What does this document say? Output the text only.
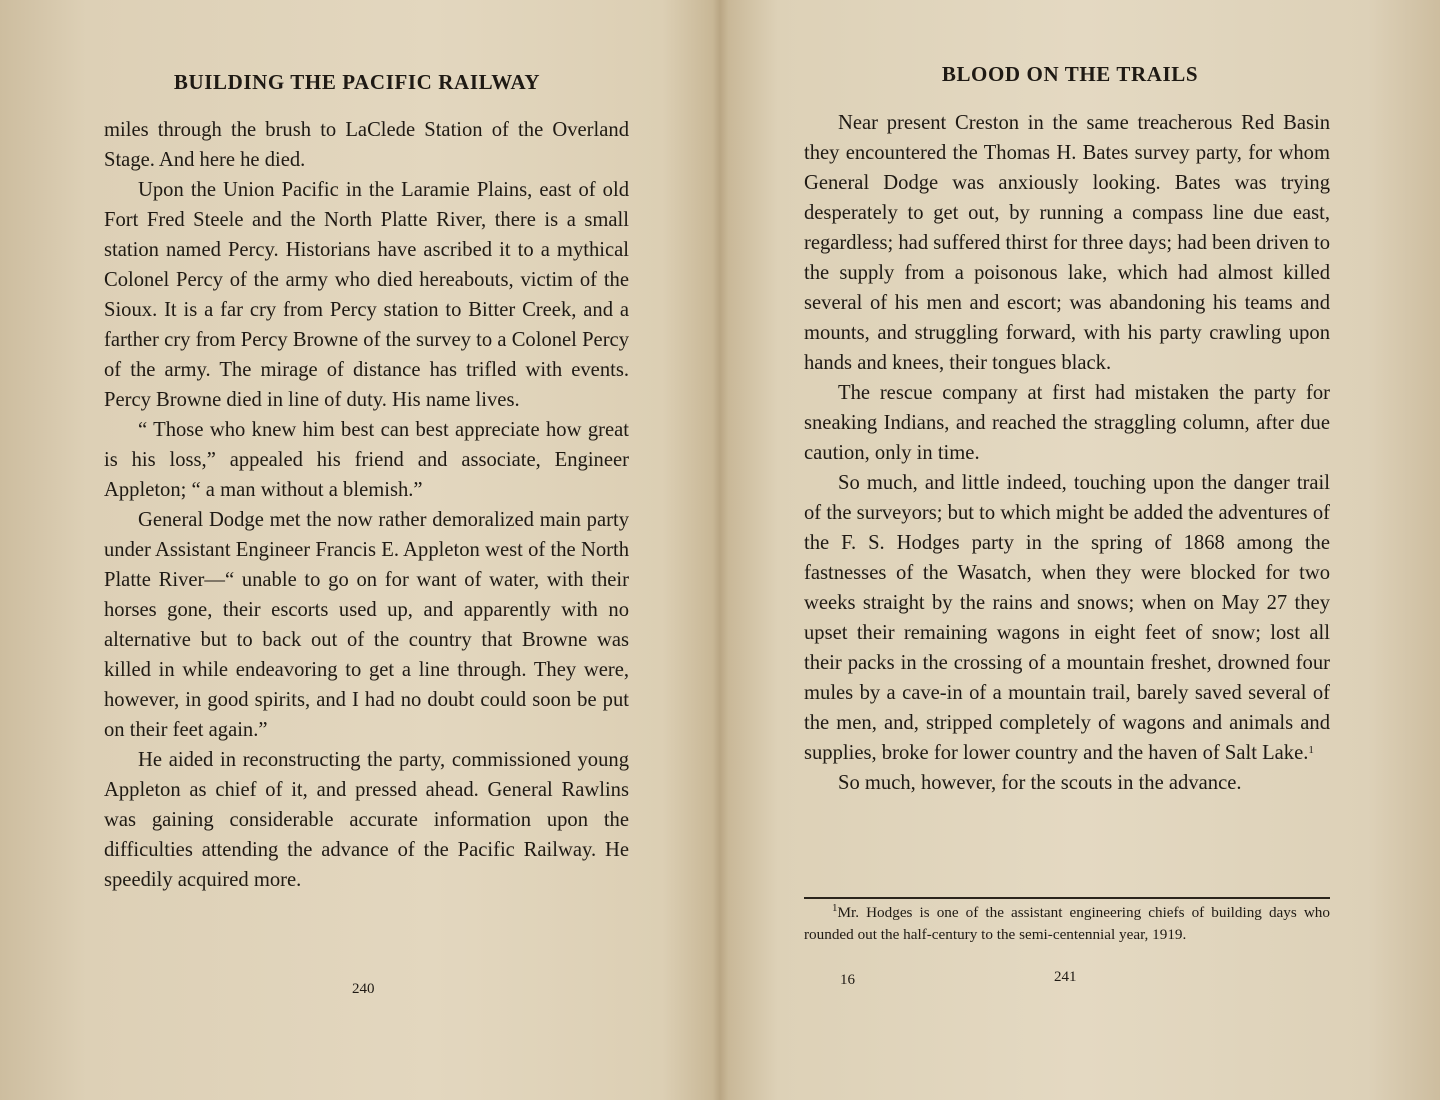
BUILDING THE PACIFIC RAILWAY

miles through the brush to LaClede Station of the Overland Stage. And here he died.

Upon the Union Pacific in the Laramie Plains, east of old Fort Fred Steele and the North Platte River, there is a small station named Percy. Historians have ascribed it to a mythical Colonel Percy of the army who died hereabouts, victim of the Sioux. It is a far cry from Percy station to Bitter Creek, and a farther cry from Percy Browne of the survey to a Colonel Percy of the army. The mirage of distance has trifled with events. Percy Browne died in line of duty. His name lives.

“ Those who knew him best can best appreciate how great is his loss,” appealed his friend and associate, Engineer Appleton; “ a man without a blemish.”

General Dodge met the now rather demoralized main party under Assistant Engineer Francis E. Appleton west of the North Platte River—“ unable to go on for want of water, with their horses gone, their escorts used up, and apparently with no alternative but to back out of the country that Browne was killed in while endeavoring to get a line through. They were, however, in good spirits, and I had no doubt could soon be put on their feet again.”

He aided in reconstructing the party, commissioned young Appleton as chief of it, and pressed ahead. General Rawlins was gaining considerable accurate information upon the difficulties attending the advance of the Pacific Railway. He speedily acquired more.

240

BLOOD ON THE TRAILS

Near present Creston in the same treacherous Red Basin they encountered the Thomas H. Bates survey party, for whom General Dodge was anxiously looking. Bates was trying desperately to get out, by running a compass line due east, regardless; had suffered thirst for three days; had been driven to the supply from a poisonous lake, which had almost killed several of his men and escort; was abandoning his teams and mounts, and struggling forward, with his party crawling upon hands and knees, their tongues black.

The rescue company at first had mistaken the party for sneaking Indians, and reached the straggling column, after due caution, only in time.

So much, and little indeed, touching upon the danger trail of the surveyors; but to which might be added the adventures of the F. S. Hodges party in the spring of 1868 among the fastnesses of the Wasatch, when they were blocked for two weeks straight by the rains and snows; when on May 27 they upset their remaining wagons in eight feet of snow; lost all their packs in the crossing of a mountain freshet, drowned four mules by a cave-in of a mountain trail, barely saved several of the men, and, stripped completely of wagons and animals and supplies, broke for lower country and the haven of Salt Lake.$^1$

So much, however, for the scouts in the advance.

$^1$Mr. Hodges is one of the assistant engineering chiefs of building days who rounded out the half-century to the semi-centennial year, 1919.

16	241
